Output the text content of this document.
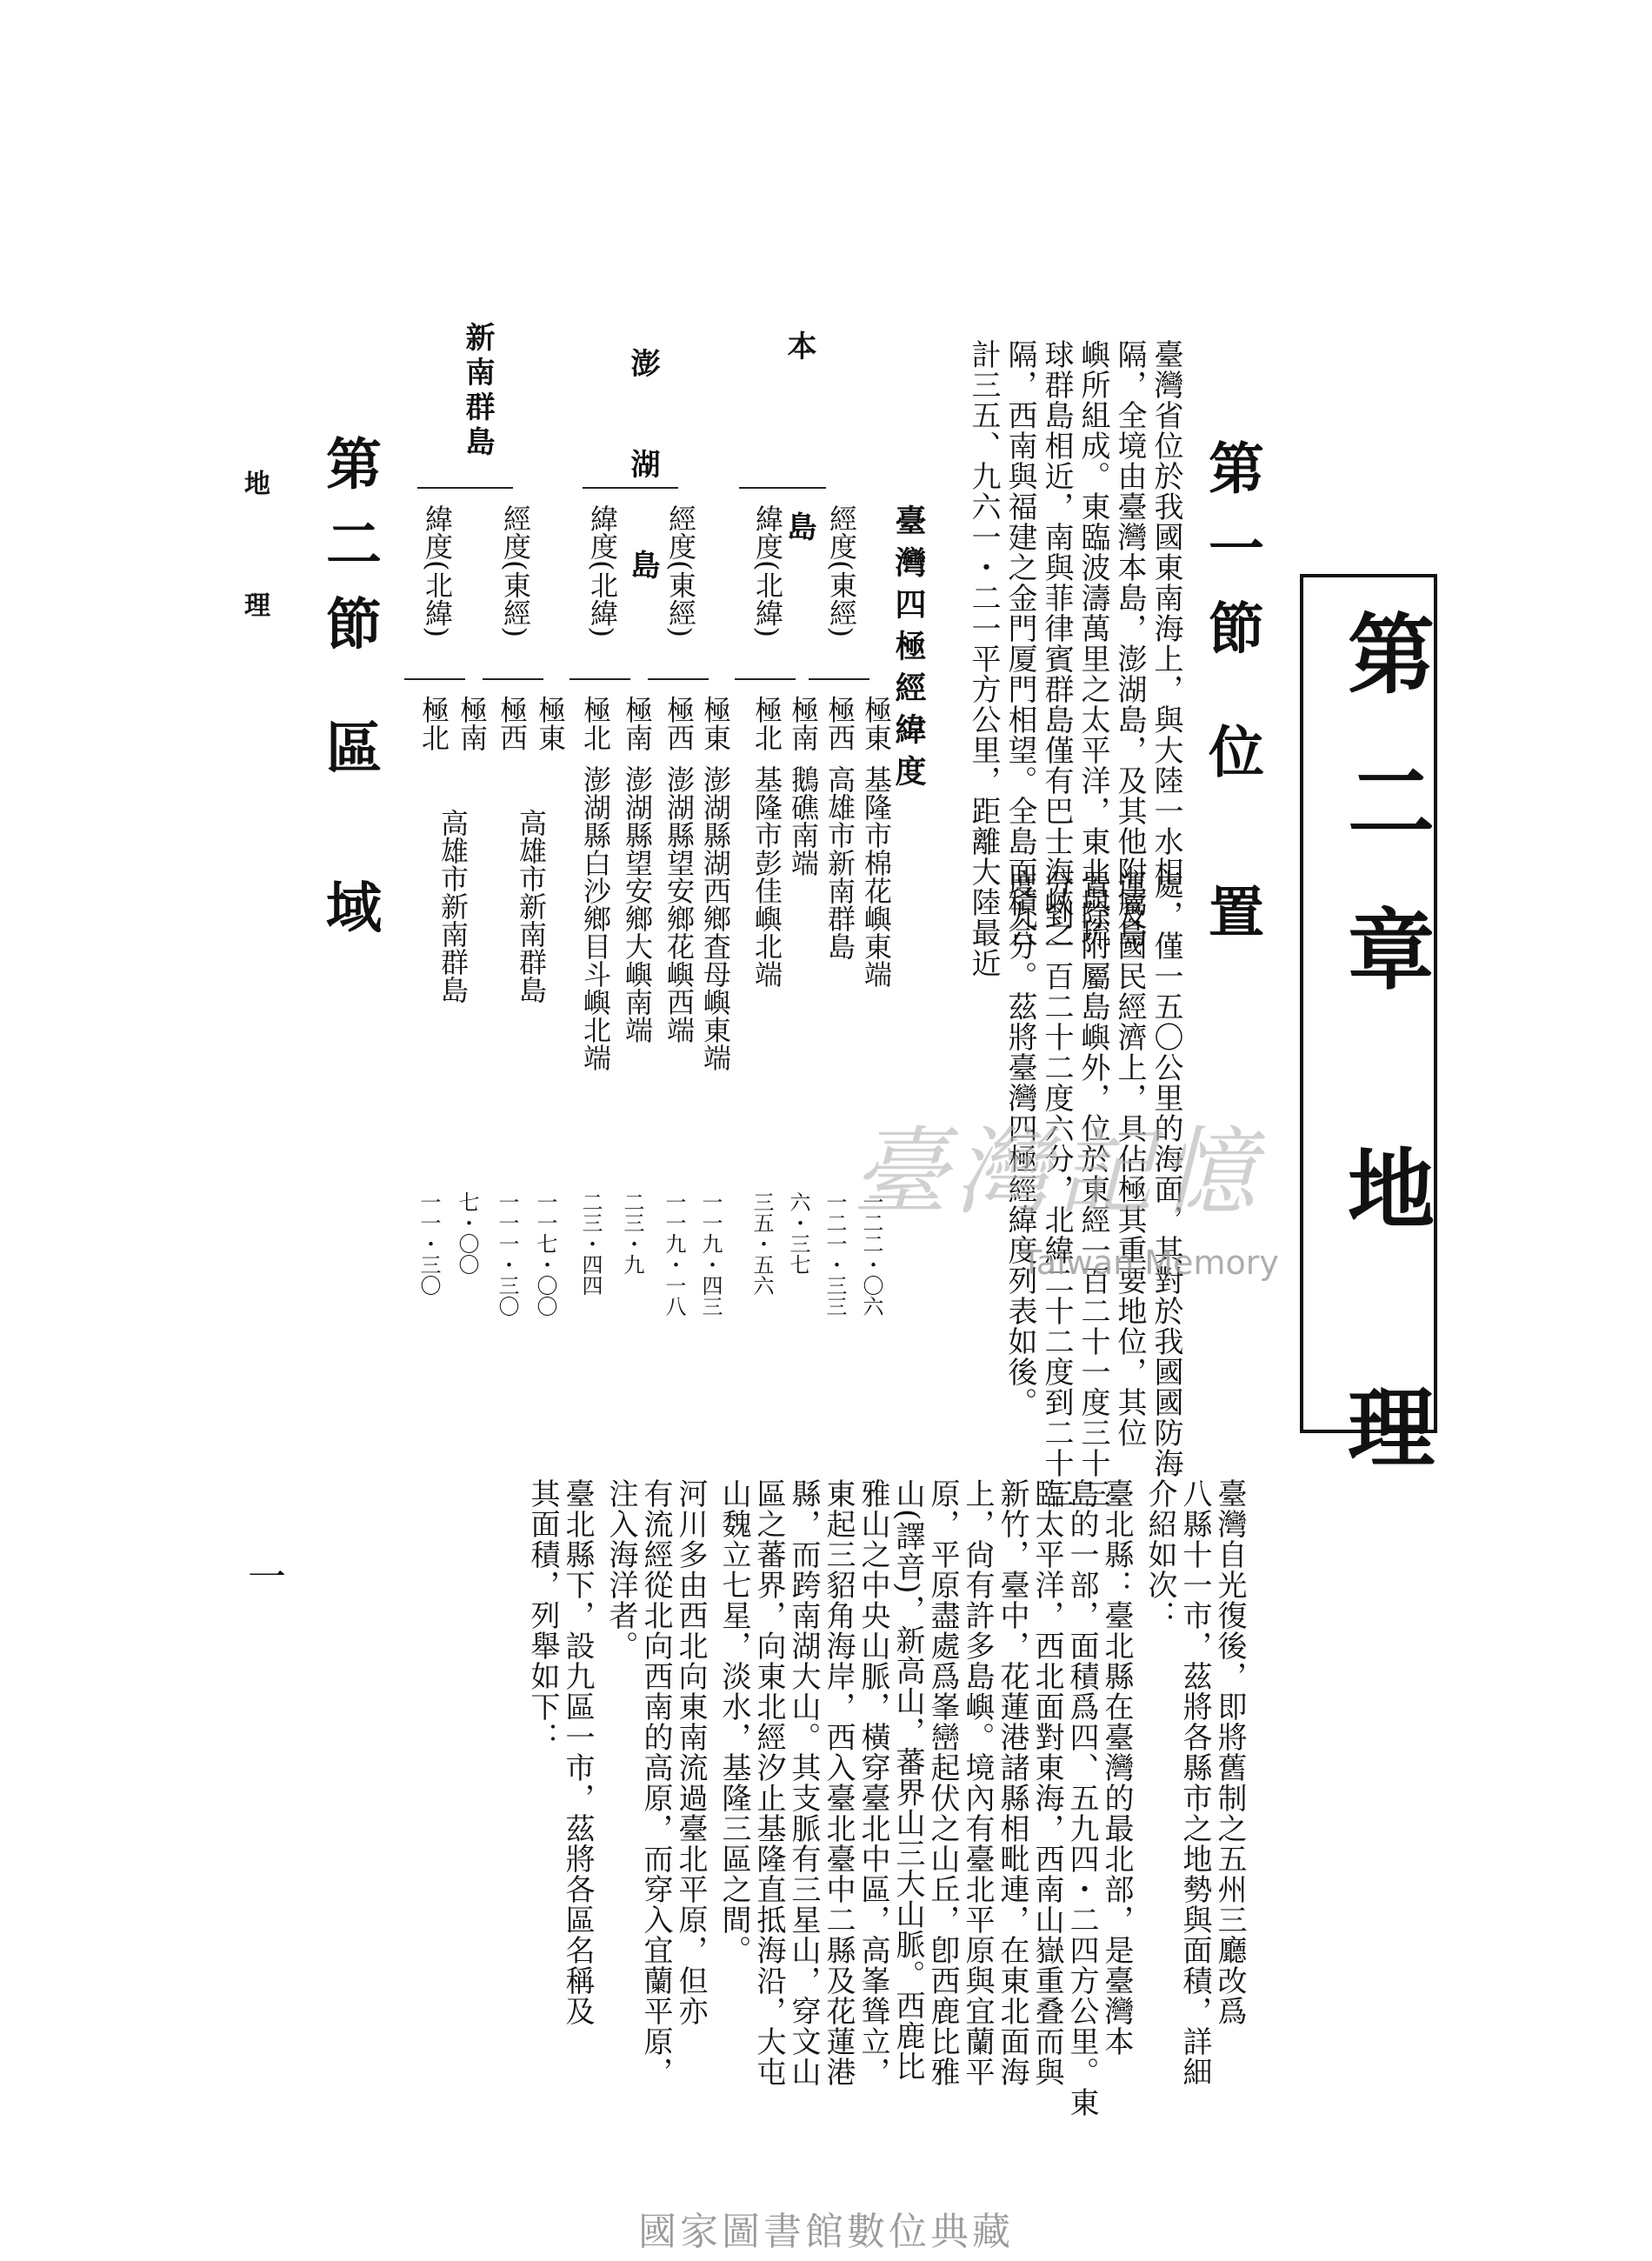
第二章 地 理
第一節 位　置
臺灣省位於我國東南海上，與大陸一水相
隔，全境由臺灣本島，澎湖島，及其他附屬島
嶼所組成。東臨波濤萬里之太平洋，東北與琉
球群島相近，南與菲律賓群島僅有巴士海峽之
隔，西南與福建之金門厦門相望。全島面積合
計三五、九六一・二一平方公里，距離大陸最近
處，僅一五〇公里的海面，其對於我國國防海
運及國民經濟上，具佔極其重要地位，其位
置除附屬島嶼外，位於東經一百二十一度三十三
分到一百二十二度六分，北緯二十二度到二十三
度九分。茲將臺灣四極經緯度列表如後。
臺灣四極經緯度
本　島 經度(東經)
緯度(北緯)
極東
基隆市棉花嶼東端
一二二・〇六
極西
高雄市新南群島
一二一・三三
極南
鵝礁南端
六・三七
極北
基隆市彭佳嶼北端
三五・五六
澎　湖　島 經度(東經)
緯度(北緯)
極東
澎湖縣湖西鄉査母嶼東端
一一九・四三
極西
澎湖縣望安鄉花嶼西端
一一九・一八
極南
澎湖縣望安鄉大嶼南端
二三・九
極北
澎湖縣白沙鄉目斗嶼北端
二三・四四
新南群島
經度(東經)
緯度(北緯)
極東
高雄市新南群島
一一七・〇〇
極西
一一一・三〇
極南
高雄市新南群島
七・〇〇
極北
一一・三〇
第二節 區　域
地　理
臺灣自光復後，即將舊制之五州三廳改爲
八縣十一市，茲將各縣市之地勢與面積，詳細
介紹如次：
臺北縣：臺北縣在臺灣的最北部，是臺灣本
島的一部，面積爲四、五九四・二四方公里。東
臨太平洋，西北面對東海，西南山嶽重叠而與
新竹，臺中，花蓮港諸縣相毗連，在東北面海
上，尙有許多島嶼。境內有臺北平原與宜蘭平
原，平原盡處爲峯巒起伏之山丘，卽西鹿比雅
山(譯音)，新高山，蕃界山三大山脈。西鹿比
雅山之中央山脈，橫穿臺北中區，高峯聳立，
東起三貂角海岸，西入臺北臺中二縣及花蓮港
縣，而跨南湖大山。其支脈有三星山，穿文山
區之蕃界，向東北經汐止基隆直抵海沿，大屯
山魏立七星，淡水，基隆三區之間。
河川多由西北向東南流過臺北平原，但亦
有流經從北向西南的高原，而穿入宜蘭平原，
注入海洋者。
臺北縣下，設九區一市，茲將各區名稱及
其面積，列舉如下：
一
臺灣記憶
Taiwan Memory
國家圖書館數位典藏
